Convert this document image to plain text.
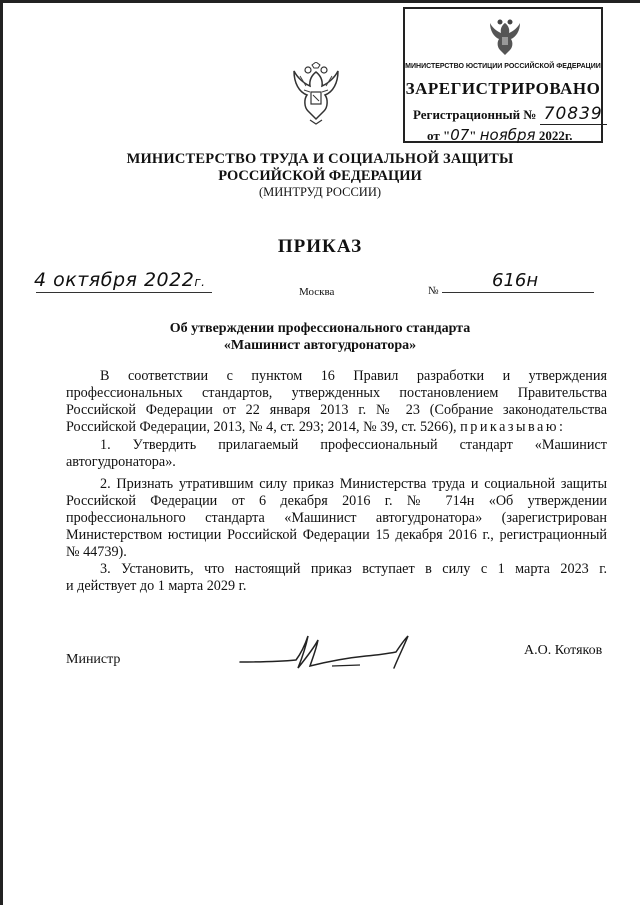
МИНИСТЕРСТВО ЮСТИЦИИ РОССИЙСКОЙ ФЕДЕРАЦИИ
ЗАРЕГИСТРИРОВАНО
Регистрационный № 70839
от "07" ноября 2022г.
МИНИСТЕРСТВО ТРУДА И СОЦИАЛЬНОЙ ЗАЩИТЫ
РОССИЙСКОЙ ФЕДЕРАЦИИ
(МИНТРУД РОССИИ)
ПРИКАЗ
4 октября 2022г.
Москва	№	616н
Об утверждении профессионального стандарта
«Машинист автогудронатора»

В соответствии с пунктом 16 Правил разработки и утверждения

профессиональных стандартов, утвержденных постановлением Правительства

Российской Федерации от 22 января 2013 г. № 23 (Собрание законодательства

Российской Федерации, 2013, № 4, ст. 293; 2014, № 39, ст. 5266), приказываю:

1. Утвердить прилагаемый профессиональный стандарт «Машинист

автогудронатора».

2. Признать утратившим силу приказ Министерства труда и социальной защиты

Российской Федерации от 6 декабря 2016 г. № 714н «Об утверждении

профессионального стандарта «Машинист автогудронатора» (зарегистрирован

Министерством юстиции Российской Федерации 15 декабря 2016 г., регистрационный

№ 44739).

3. Установить, что настоящий приказ вступает в силу с 1 марта 2023 г.

и действует до 1 марта 2029 г.

Министр
А.О. Котяков
